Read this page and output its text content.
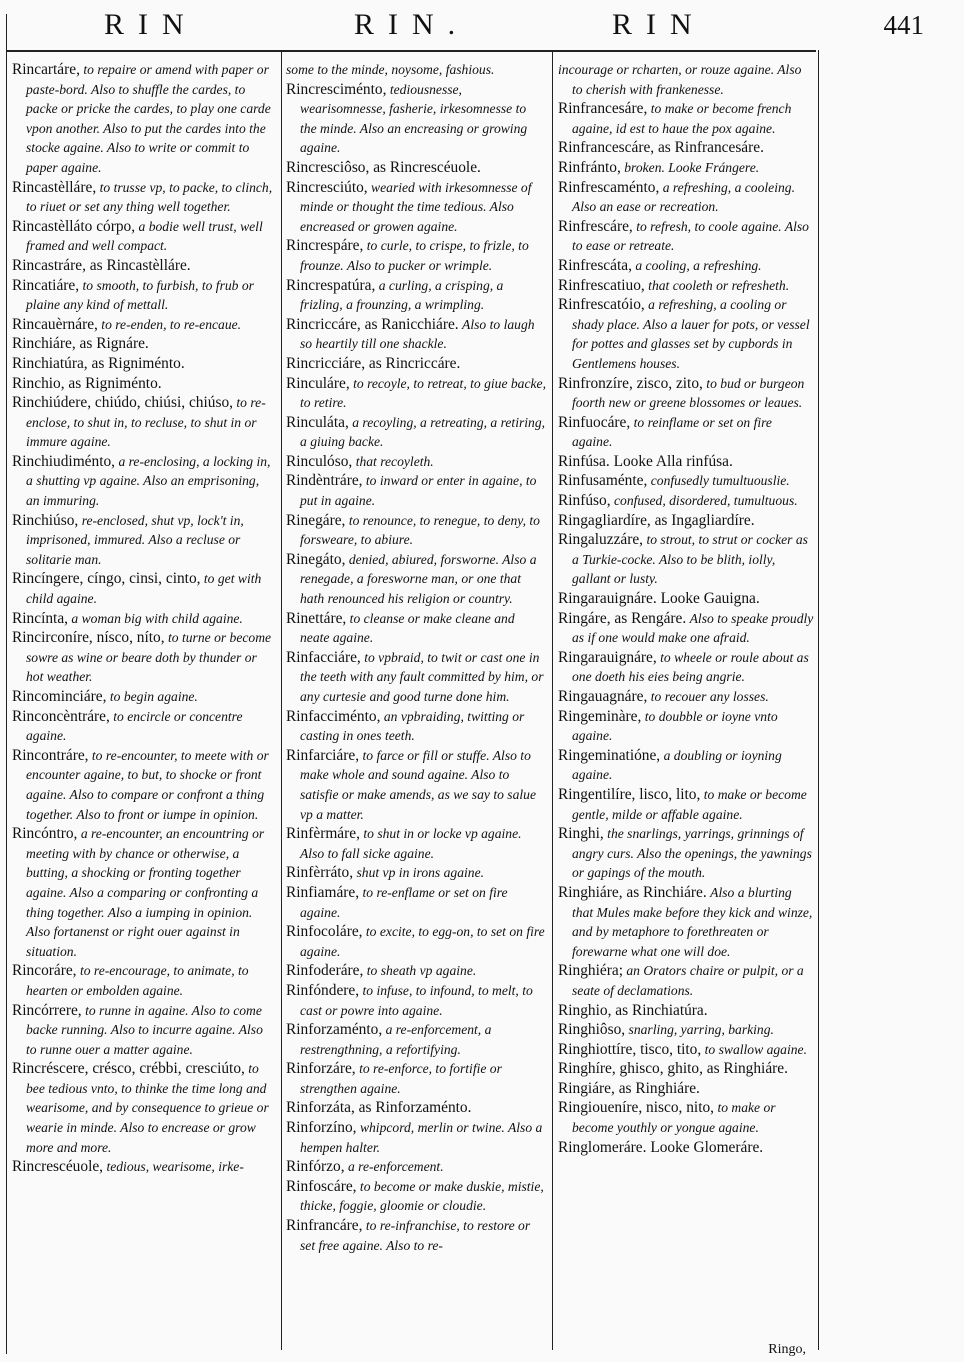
RIN	RIN.	RIN	441

Rincartáre, to repaire or amend with paper or paste-bord. Also to shuffle the cardes, to packe or pricke the cardes, to play one carde vpon another. Also to put the cardes into the stocke againe. Also to write or commit to paper againe.

Rincastèlláre, to trusse vp, to packe, to clinch, to riuet or set any thing well together.

Rincastèlláto córpo, a bodie well trust, well framed and well compact.

Rincastráre, as Rincastèlláre.

Rincatiáre, to smooth, to furbish, to frub or plaine any kind of mettall.

Rincauèrnáre, to re-enden, to re-encaue.

Rinchiáre, as Rignáre.

Rinchiatúra, as Rigniménto.

Rinchio, as Rigniménto.

Rinchiúdere, chiúdo, chiúsi, chiúso, to re-enclose, to shut in, to recluse, to shut in or immure againe.

Rinchiudiménto, a re-enclosing, a locking in, a shutting vp againe. Also an emprisoning, an immuring.

Rinchiúso, re-enclosed, shut vp, lock't in, imprisoned, immured. Also a recluse or solitarie man.

Rincíngere, cíngo, cinsi, cinto, to get with child againe.

Rincínta, a woman big with child againe.

Rincirconíre, nísco, níto, to turne or become sowre as wine or beare doth by thunder or hot weather.

Rincominciáre, to begin againe.

Rinconcèntráre, to encircle or concentre againe.

Rincontráre, to re-encounter, to meete with or encounter againe, to but, to shocke or front againe. Also to compare or confront a thing together. Also to front or iumpe in opinion.

Rincóntro, a re-encounter, an encountring or meeting with by chance or otherwise, a butting, a shocking or fronting together againe. Also a comparing or confronting a thing together. Also a iumping in opinion. Also fortanenst or right ouer against in situation.

Rincoráre, to re-encourage, to animate, to hearten or embolden againe.

Rincórrere, to runne in againe. Also to come backe running. Also to incurre againe. Also to runne ouer a matter againe.

Rincréscere, crésco, crébbi, cresciúto, to bee tedious vnto, to thinke the time long and wearisome, and by consequence to grieue or wearie in minde. Also to encrease or grow more and more.

Rincrescéuole, tedious, wearisome, irke-

some to the minde, noysome, fashious.

Rincresciménto, tediousnesse, wearisomnesse, fasherie, irkesomnesse to the minde. Also an encreasing or growing againe.

Rincresciôso, as Rincrescéuole.

Rincresciúto, wearied with irkesomnesse of minde or thought the time tedious. Also encreased or growen againe.

Rincrespáre, to curle, to crispe, to frizle, to frounze. Also to pucker or wrimple.

Rincrespatúra, a curling, a crisping, a frizling, a frounzing, a wrimpling.

Rincriccáre, as Ranicchiáre. Also to laugh so heartily till one shackle.

Rincricciáre, as Rincriccáre.

Rinculáre, to recoyle, to retreat, to giue backe, to retire.

Rinculáta, a recoyling, a retreating, a retiring, a giuing backe.

Rinculóso, that recoyleth.

Rindèntráre, to inward or enter in againe, to put in againe.

Rinegáre, to renounce, to renegue, to deny, to forsweare, to abiure.

Rinegáto, denied, abiured, forsworne. Also a renegade, a foresworne man, or one that hath renounced his religion or country.

Rinettáre, to cleanse or make cleane and neate againe.

Rinfacciáre, to vpbraid, to twit or cast one in the teeth with any fault committed by him, or any curtesie and good turne done him.

Rinfacciménto, an vpbraiding, twitting or casting in ones teeth.

Rinfarciáre, to farce or fill or stuffe. Also to make whole and sound againe. Also to satisfie or make amends, as we say to salue vp a matter.

Rinfèrmáre, to shut in or locke vp againe. Also to fall sicke againe.

Rinfèrráto, shut vp in irons againe.

Rinfiamáre, to re-enflame or set on fire againe.

Rinfocoláre, to excite, to egg-on, to set on fire againe.

Rinfoderáre, to sheath vp againe.

Rinfóndere, to infuse, to infound, to melt, to cast or powre into againe.

Rinforzaménto, a re-enforcement, a restrengthning, a refortifying.

Rinforzáre, to re-enforce, to fortifie or strengthen againe.

Rinforzáta, as Rinforzaménto.

Rinforzíno, whipcord, merlin or twine. Also a hempen halter.

Rinfórzo, a re-enforcement.

Rinfoscáre, to become or make duskie, mistie, thicke, foggie, gloomie or cloudie.

Rinfrancáre, to re-infranchise, to restore or set free againe. Also to re-

incourage or rcharten, or rouze againe. Also to cherish with frankenesse.

Rinfrancesáre, to make or become french againe, id est to haue the pox againe.

Rinfrancescáre, as Rinfrancesáre.

Rinfránto, broken. Looke Frángere.

Rinfrescaménto, a refreshing, a cooleing. Also an ease or recreation.

Rinfrescáre, to refresh, to coole againe. Also to ease or retreate.

Rinfrescáta, a cooling, a refreshing.

Rinfrescatiuo, that cooleth or refresheth.

Rinfrescatóio, a refreshing, a cooling or shady place. Also a lauer for pots, or vessel for pottes and glasses set by cupbords in Gentlemens houses.

Rinfronzíre, zisco, zito, to bud or burgeon foorth new or greene blossomes or leaues.

Rinfuocáre, to reinflame or set on fire againe.

Rinfúsa. Looke Alla rinfúsa.

Rinfusaménte, confusedly tumultuouslie.

Rinfúso, confused, disordered, tumultuous.

Ringagliardíre, as Ingagliardíre.

Ringaluzzáre, to strout, to strut or cocker as a Turkie-cocke. Also to be blith, iolly, gallant or lusty.

Ringarauignáre. Looke Gauigna.

Ringáre, as Rengáre. Also to speake proudly as if one would make one afraid.

Ringarauignáre, to wheele or roule about as one doeth his eies being angrie.

Ringauagnáre, to recouer any losses.

Ringeminàre, to doubble or ioyne vnto againe.

Ringeminatióne, a doubling or ioyning againe.

Ringentilíre, lisco, lito, to make or become gentle, milde or affable againe.

Ringhi, the snarlings, yarrings, grinnings of angry curs. Also the openings, the yawnings or gapings of the mouth.

Ringhiáre, as Rinchiáre. Also a blurting that Mules make before they kick and winze, and by metaphore to forethreaten or forewarne what one will doe.

Ringhiéra; an Orators chaire or pulpit, or a seate of declamations.

Ringhio, as Rinchiatúra.

Ringhiôso, snarling, yarring, barking.

Ringhiottíre, tisco, tito, to swallow againe.

Ringhíre, ghisco, ghito, as Ringhiáre.

Ringiáre, as Ringhiáre.

Ringioueníre, nisco, nito, to make or become youthly or yongue againe.

Ringlomeráre. Looke Glomeráre.

Ringo,
